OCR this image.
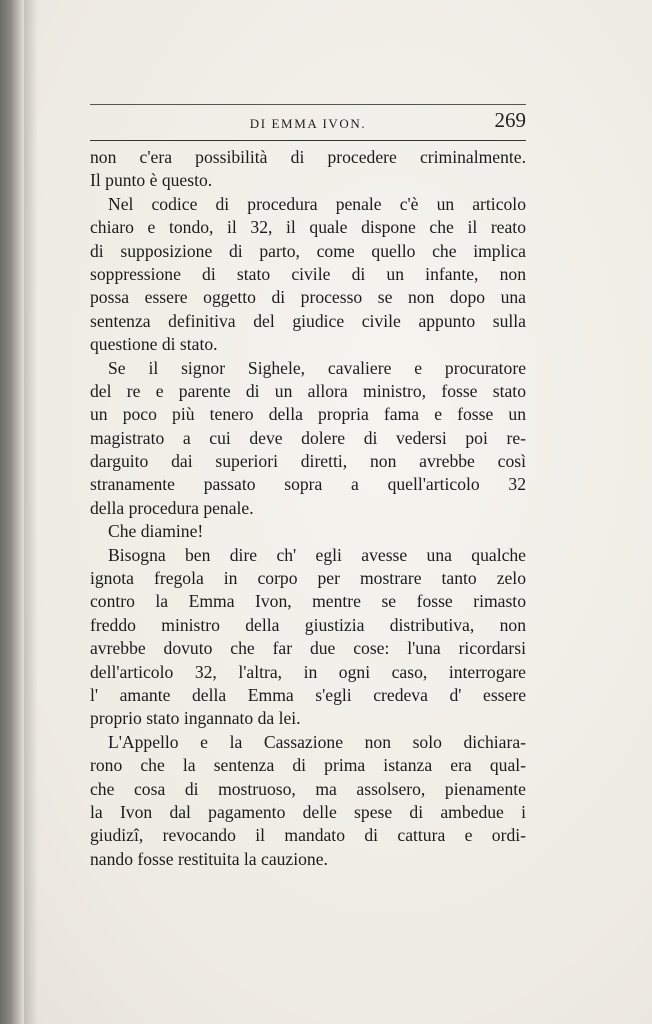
DI EMMA IVON.	269
non c'era possibilità di procedere criminalmente.
Il punto è questo.
Nel codice di procedura penale c'è un articolo
chiaro e tondo, il 32, il quale dispone che il reato
di supposizione di parto, come quello che implica
soppressione di stato civile di un infante, non
possa essere oggetto di processo se non dopo una
sentenza definitiva del giudice civile appunto sulla
questione di stato.
Se il signor Sighele, cavaliere e procuratore
del re e parente di un allora ministro, fosse stato
un poco più tenero della propria fama e fosse un
magistrato a cui deve dolere di vedersi poi re-
darguito dai superiori diretti, non avrebbe così
stranamente passato sopra a quell'articolo 32
della procedura penale.
Che diamine!
Bisogna ben dire ch' egli avesse una qualche
ignota fregola in corpo per mostrare tanto zelo
contro la Emma Ivon, mentre se fosse rimasto
freddo ministro della giustizia distributiva, non
avrebbe dovuto che far due cose: l'una ricordarsi
dell'articolo 32, l'altra, in ogni caso, interrogare
l' amante della Emma s'egli credeva d' essere
proprio stato ingannato da lei.
L'Appello e la Cassazione non solo dichiara-
rono che la sentenza di prima istanza era qual-
che cosa di mostruoso, ma assolsero, pienamente
la Ivon dal pagamento delle spese di ambedue i
giudizî, revocando il mandato di cattura e ordi-
nando fosse restituita la cauzione.
